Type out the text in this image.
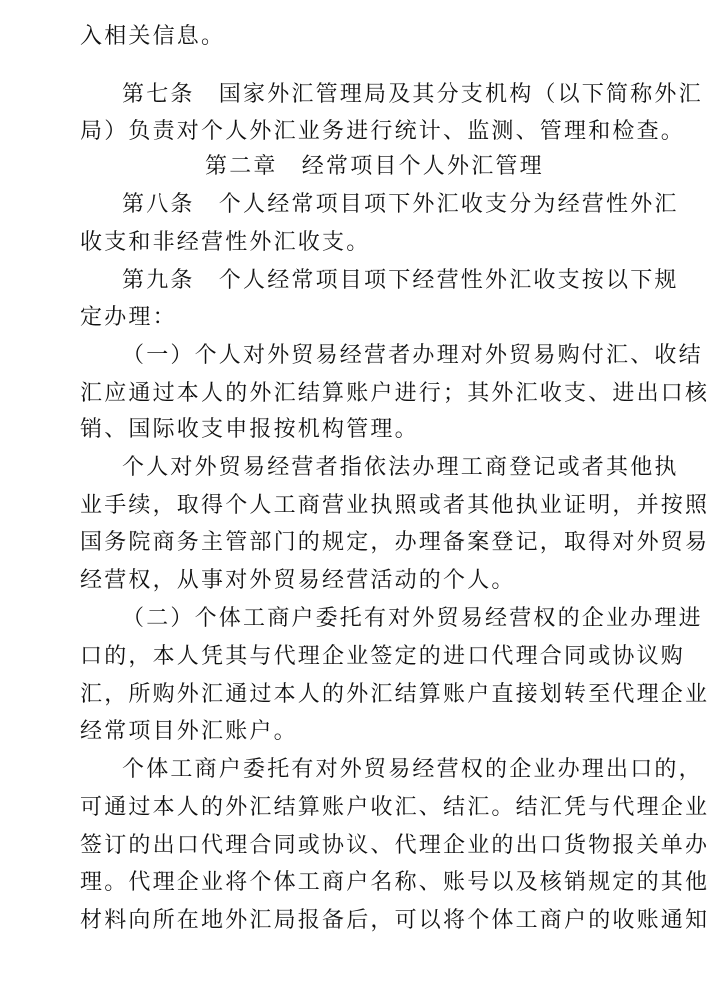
入相关信息。
第七条　国家外汇管理局及其分支机构（以下简称外汇
局）负责对个人外汇业务进行统计、监测、管理和检查。
第二章　经常项目个人外汇管理
第八条　个人经常项目项下外汇收支分为经营性外汇
收支和非经营性外汇收支。
第九条　个人经常项目项下经营性外汇收支按以下规
定办理：
（一）个人对外贸易经营者办理对外贸易购付汇、收结
汇应通过本人的外汇结算账户进行；其外汇收支、进出口核
销、国际收支申报按机构管理。
个人对外贸易经营者指依法办理工商登记或者其他执
业手续，取得个人工商营业执照或者其他执业证明，并按照
国务院商务主管部门的规定，办理备案登记，取得对外贸易
经营权，从事对外贸易经营活动的个人。
（二）个体工商户委托有对外贸易经营权的企业办理进
口的，本人凭其与代理企业签定的进口代理合同或协议购
汇，所购外汇通过本人的外汇结算账户直接划转至代理企业
经常项目外汇账户。
个体工商户委托有对外贸易经营权的企业办理出口的，
可通过本人的外汇结算账户收汇、结汇。结汇凭与代理企业
签订的出口代理合同或协议、代理企业的出口货物报关单办
理。代理企业将个体工商户名称、账号以及核销规定的其他
材料向所在地外汇局报备后，可以将个体工商户的收账通知
